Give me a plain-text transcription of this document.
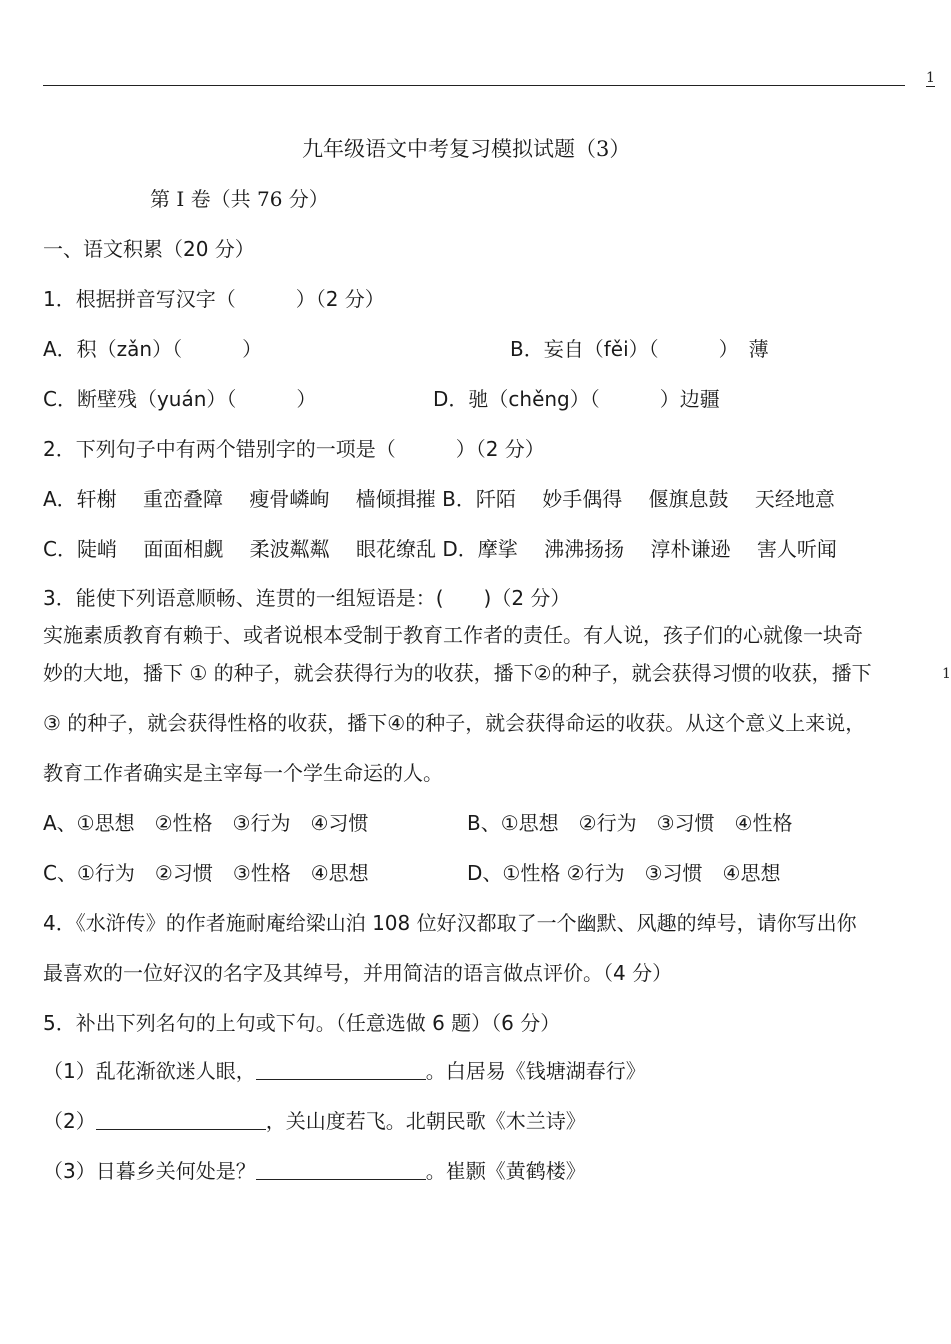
1
1
九年级语文中考复习模拟试题（3）
第 I 卷（共 76 分）
一、语文积累（20 分）
1．根据拼音写汉字（　　　）（2 分）
A．积（zǎn）（　　　）	B．妄自（fěi）（　　　）　薄
C．断壁残（yuán）（　　　）	D．驰（chěng）（　　　）边疆
2．下列句子中有两个错别字的一项是（　　　）（2 分）
A．轩榭　 重峦叠障　 瘦骨嶙峋　 樯倾揖摧 B．阡陌　 妙手偶得　 偃旗息鼓　 天经地意
C．陡峭　 面面相觑　 柔波粼粼　 眼花缭乱 D．摩挲　 沸沸扬扬　 淳朴谦逊　 害人听闻
3．能使下列语意顺畅、连贯的一组短语是：(　　)（2 分）
实施素质教育有赖于、或者说根本受制于教育工作者的责任。有人说，孩子们的心就像一块奇
妙的大地，播下 ① 的种子，就会获得行为的收获，播下②的种子，就会获得习惯的收获，播下
③ 的种子，就会获得性格的收获，播下④的种子，就会获得命运的收获。从这个意义上来说，
教育工作者确实是主宰每一个学生命运的人。
A、①思想　②性格　③行为　④习惯	B、①思想　②行为　③习惯　④性格
C、①行为　②习惯　③性格　④思想	D、①性格 ②行为　③习惯　④思想
4．《水浒传》的作者施耐庵给梁山泊 108 位好汉都取了一个幽默、风趣的绰号，请你写出你
最喜欢的一位好汉的名字及其绰号，并用简洁的语言做点评价。（4 分）
5．补出下列名句的上句或下句。（任意选做 6 题）（6 分）
（1）乱花渐欲迷人眼，	。白居易《钱塘湖春行》
（2）	，关山度若飞。北朝民歌《木兰诗》
（3）日暮乡关何处是？	。崔颢《黄鹤楼》
